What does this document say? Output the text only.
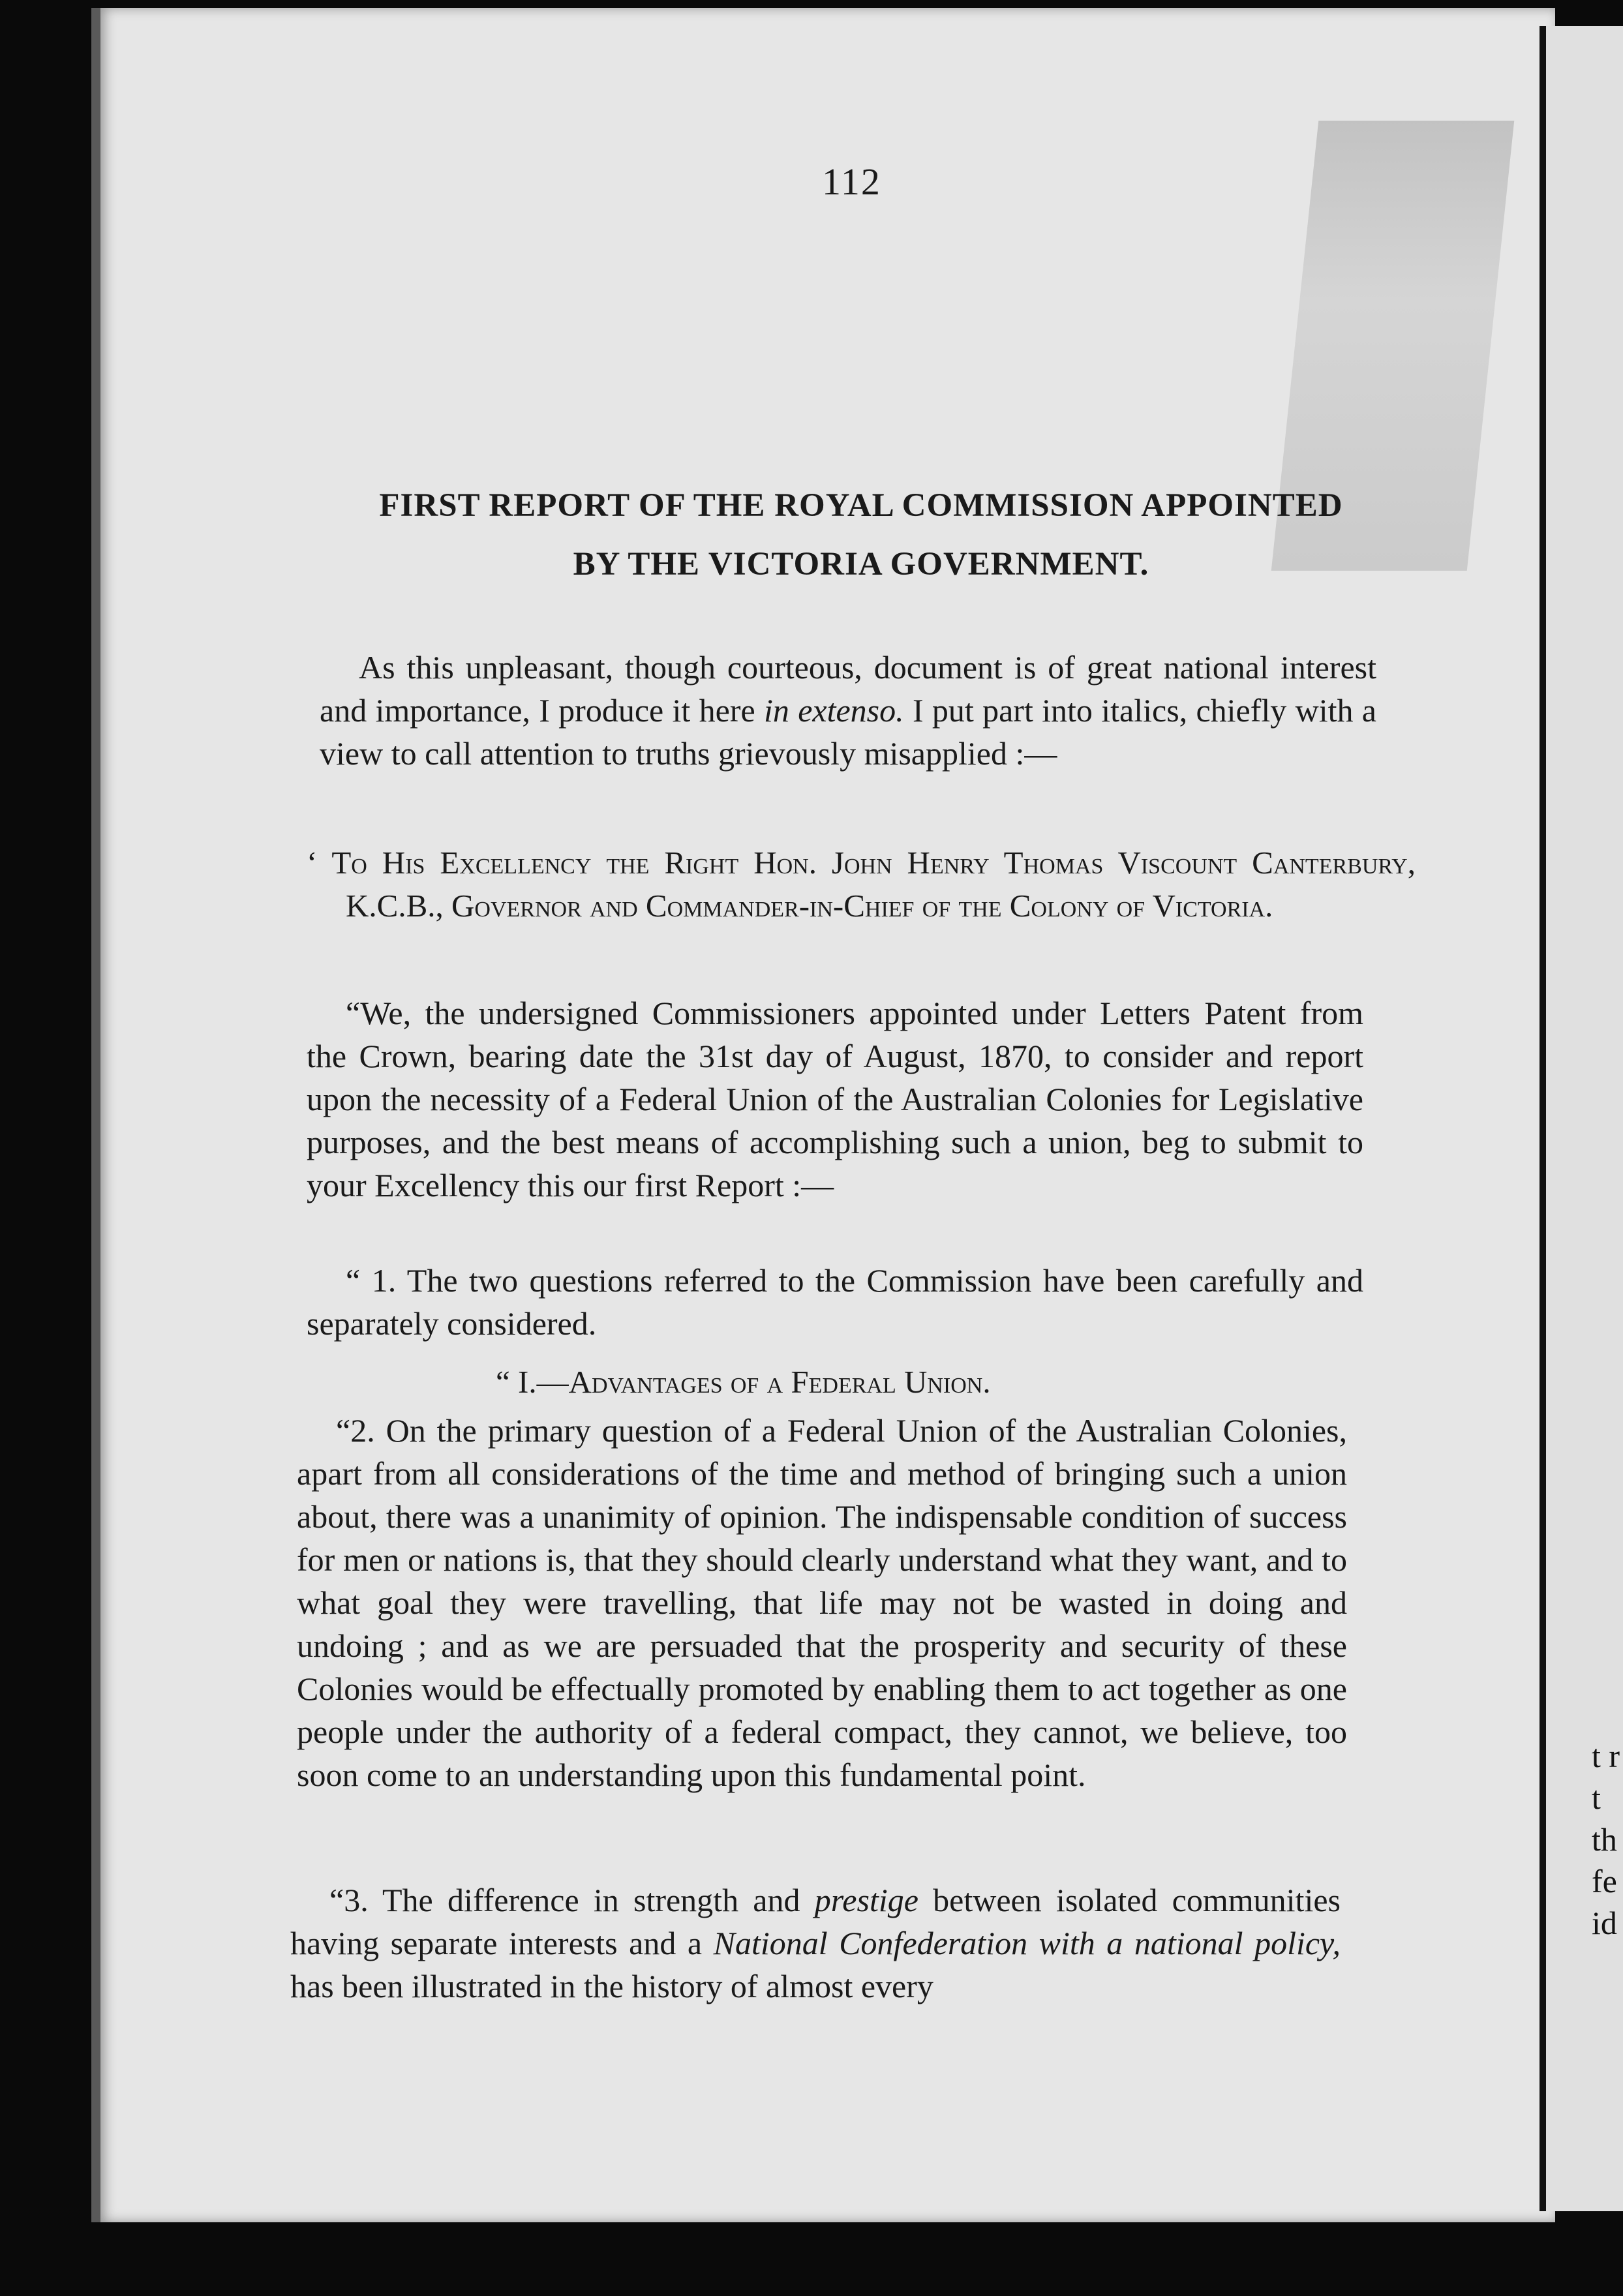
t r t th fe id
112
FIRST REPORT OF THE ROYAL COMMISSION APPOINTED
BY THE VICTORIA GOVERNMENT.
As this unpleasant, though courteous, document is of great national interest and importance, I produce it here in extenso. I put part into italics, chiefly with a view to call attention to truths grievously misapplied :—
‘ To His Excellency the Right Hon. John Henry Thomas Viscount Canterbury, K.C.B., Governor and Commander-in-Chief of the Colony of Victoria.
“We, the undersigned Commissioners appointed under Letters Patent from the Crown, bearing date the 31st day of August, 1870, to consider and report upon the necessity of a Federal Union of the Australian Colonies for Legislative purposes, and the best means of accomplishing such a union, beg to submit to your Excellency this our first Report :—
“ 1. The two questions referred to the Commission have been carefully and separately considered.
“ I.—Advantages of a Federal Union.
“2. On the primary question of a Federal Union of the Australian Colonies, apart from all considerations of the time and method of bringing such a union about, there was a unanimity of opinion. The indispensable condition of success for men or nations is, that they should clearly understand what they want, and to what goal they were travelling, that life may not be wasted in doing and undoing ; and as we are persuaded that the prosperity and security of these Colonies would be effectually promoted by enabling them to act together as one people under the authority of a federal compact, they cannot, we believe, too soon come to an understanding upon this fundamental point.
“3. The difference in strength and prestige between isolated communities having separate interests and a National Confederation with a national policy, has been illustrated in the history of almost every
